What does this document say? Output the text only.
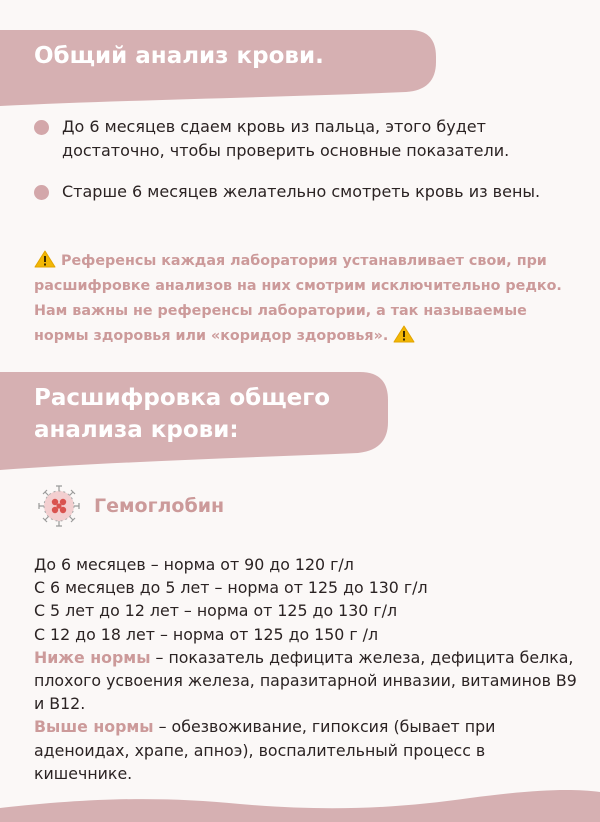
Общий анализ крови.
До 6 месяцев сдаем кровь из пальца, этого будет достаточно, чтобы проверить основные показатели.
Старше 6 месяцев желательно смотреть кровь из вены.
Референсы каждая лаборатория устанавливает свои, при расшифровке анализов на них смотрим исключительно редко. Нам важны не референсы лаборатории, а так называемые нормы здоровья или «коридор здоровья».
Расшифровка общего
анализа крови:
Гемоглобин

До 6 месяцев – норма от 90 до 120 г/л

С 6 месяцев до 5 лет – норма от 125 до 130 г/л

С 5 лет до 12 лет – норма от 125 до 130 г/л

С 12 до 18 лет – норма от 125 до 150 г /л

Ниже нормы – показатель дефицита железа, дефицита белка, плохого усвоения железа, паразитарной инвазии, витаминов В9 и В12.

Выше нормы – обезвоживание, гипоксия (бывает при аденоидах, храпе, апноэ), воспалительный процесс в кишечнике.
